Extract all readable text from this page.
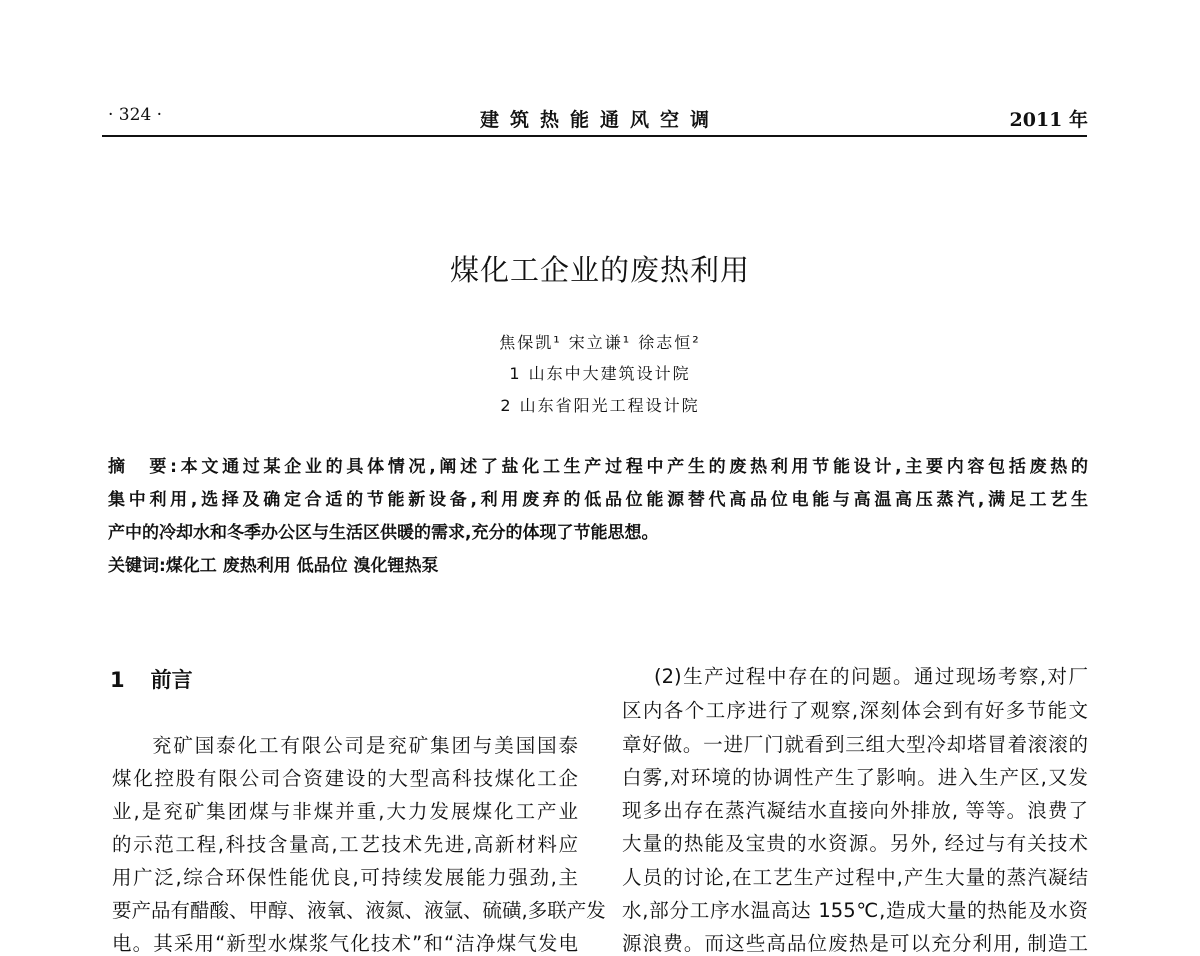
· 324 ·	建筑热能通风空调	2011 年
煤化工企业的废热利用
焦保凯¹ 宋立谦¹ 徐志恒²
1 山东中大建筑设计院
2 山东省阳光工程设计院
摘　要:本文通过某企业的具体情况,阐述了盐化工生产过程中产生的废热利用节能设计,主要内容包括废热的
集中利用,选择及确定合适的节能新设备,利用废弃的低品位能源替代高品位电能与高温高压蒸汽,满足工艺生
产中的冷却水和冬季办公区与生活区供暖的需求,充分的体现了节能思想。
关键词:煤化工 废热利用 低品位 溴化锂热泵
1 前言
兖矿国泰化工有限公司是兖矿集团与美国国泰
煤化控股有限公司合资建设的大型高科技煤化工企
业,是兖矿集团煤与非煤并重,大力发展煤化工产业
的示范工程,科技含量高,工艺技术先进,高新材料应
用广泛,综合环保性能优良,可持续发展能力强劲,主
要产品有醋酸、甲醇、液氧、液氮、液氩、硫磺,多联产发
电。其采用“新型水煤浆气化技术”和“洁净煤气发电
(2)生产过程中存在的问题。通过现场考察,对厂
区内各个工序进行了观察,深刻体会到有好多节能文
章好做。一进厂门就看到三组大型冷却塔冒着滚滚的
白雾,对环境的协调性产生了影响。进入生产区,又发
现多出存在蒸汽凝结水直接向外排放, 等等。浪费了
大量的热能及宝贵的水资源。另外, 经过与有关技术
人员的讨论,在工艺生产过程中,产生大量的蒸汽凝结
水,部分工序水温高达 155℃,造成大量的热能及水资
源浪费。而这些高品位废热是可以充分利用, 制造工
